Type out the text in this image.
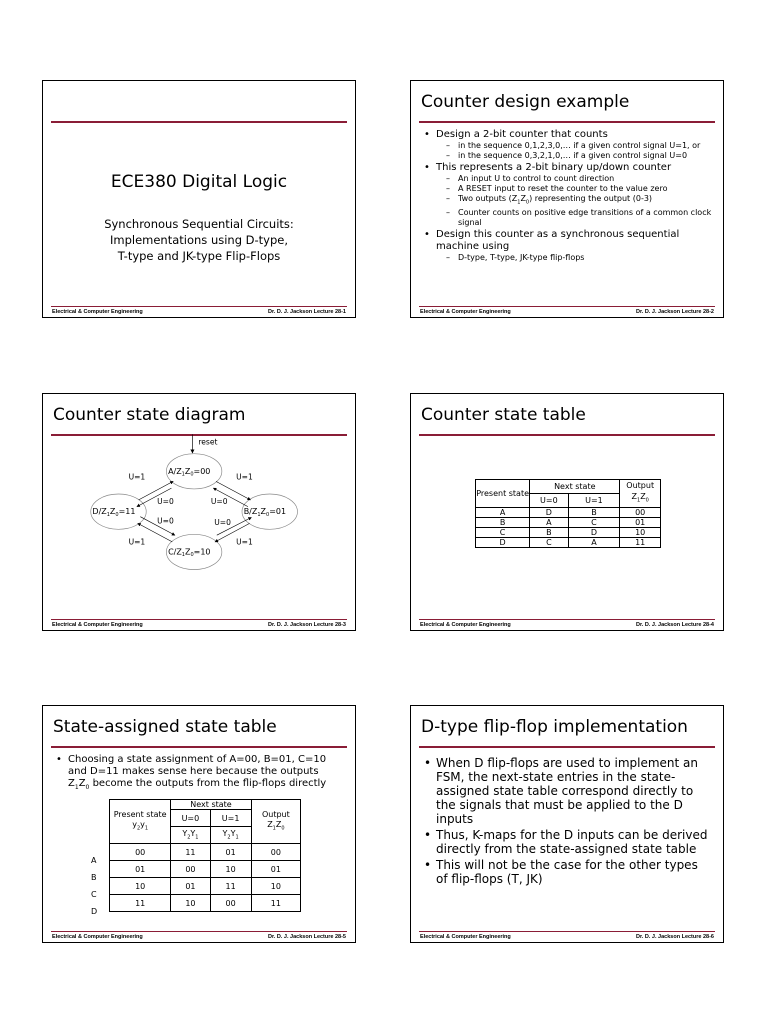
ECE380 Digital Logic
Synchronous Sequential Circuits:
Implementations using D-type,
T-type and JK-type Flip-Flops
Electrical & Computer Engineering	Dr. D. J. Jackson Lecture 28-1
Counter design example
• Design a 2-bit counter that counts
– in the sequence 0,1,2,3,0,… if a given control signal U=1, or
– in the sequence 0,3,2,1,0,… if a given control signal U=0
• This represents a 2-bit binary up/down counter
– An input U to control to count direction
– A RESET input to reset the counter to the value zero
– Two outputs $(Z_1Z_0)$ representing the output (0-3)
– Counter counts on positive edge transitions of a common clock signal
• Design this counter as a synchronous sequential machine using
– D-type, T-type, JK-type flip-flops
Electrical & Computer Engineering	Dr. D. J. Jackson Lecture 28-2
Counter state diagram
reset
$A/Z_1Z_0=00$
$B/Z_1Z_0=01$
$C/Z_1Z_0=10$
$D/Z_1Z_0=11$
U=1	U=1
U=1	U=1
U=0	U=0
U=0	U=0
Electrical & Computer Engineering	Dr. D. J. Jackson Lecture 28-3
Counter state table
Present state	Next state		Output
$Z_1Z_0$
	U=0	U=1	
A	D	B	00
B	A	C	01
C	B	D	10
D	C	A	11
Electrical & Computer Engineering	Dr. D. J. Jackson Lecture 28-4
State-assigned state table
• Choosing a state assignment of A=00, B=01, C=10
and D=11 makes sense here because the outputs
$Z_1Z_0$ become the outputs from the flip-flops directly
A
B
C
D
Present state
$y_2y_1$	Next state		Output
$Z_1Z_0$
	U=0	U=1	
	$Y_2Y_1$	$Y_2Y_1$
00	11	01	00
01	00	10	01
10	01	11	10
11	10	00	11
Electrical & Computer Engineering	Dr. D. J. Jackson Lecture 28-5
D-type flip-flop implementation
• When D flip-flops are used to implement an FSM, the next-state entries in the state-assigned state table correspond directly to the signals that must be applied to the D inputs
• Thus, K-maps for the D inputs can be derived directly from the state-assigned state table
• This will not be the case for the other types of flip-flops (T, JK)
Electrical & Computer Engineering	Dr. D. J. Jackson Lecture 28-6
